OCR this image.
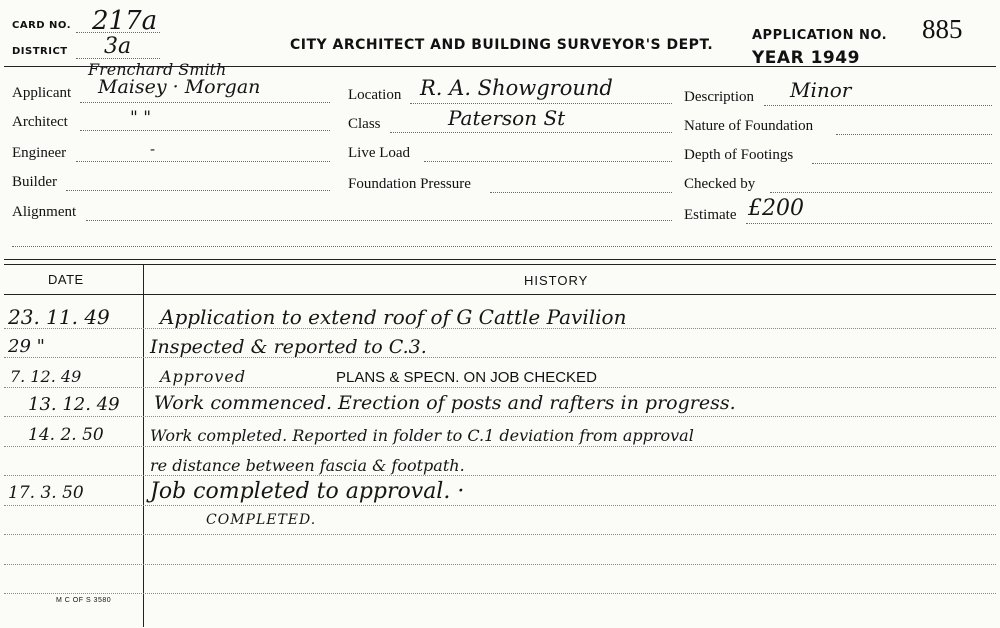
CARD NO. 217a
DISTRICT 3a	CITY ARCHITECT AND BUILDING SURVEYOR'S DEPT.
APPLICATION NO. 885
YEAR 1949
Frenchard Smith
Applicant Maisey · Morgan
Architect	" "
Engineer	-
Builder
Alignment
Location R. A. Showground
Class	Paterson St
Live Load
Foundation Pressure
Description Minor
Nature of Foundation
Depth of Footings
Checked by
Estimate £200
DATE	HISTORY
23. 11. 49	Application to extend roof of G Cattle Pavilion
29 "	Inspected & reported to C.3.
7. 12. 49	Approved	PLANS & SPECN. ON JOB CHECKED
13. 12. 49 Work commenced. Erection of posts and rafters in progress.
14. 2. 50	Work completed. Reported in folder to C.1 deviation from approval
re distance between fascia & footpath.
17. 3. 50	Job completed to approval. ·
COMPLETED.
M C OF S 3580
